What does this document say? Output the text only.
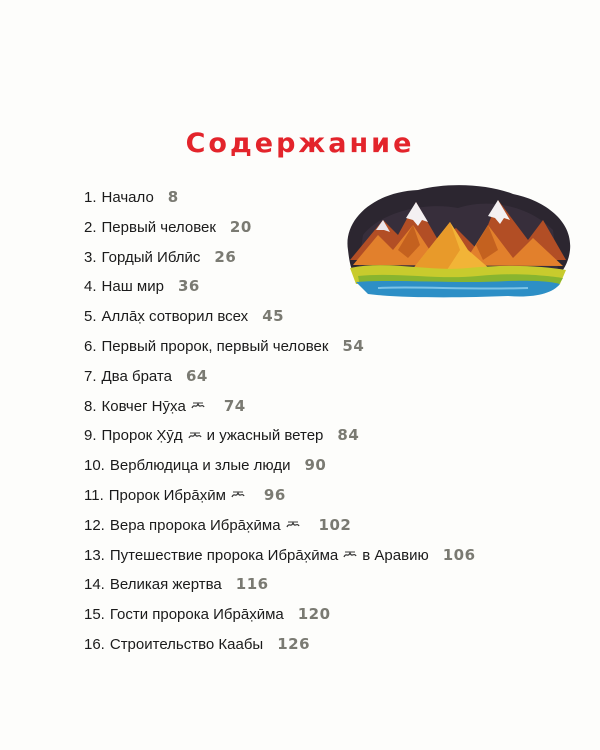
Содержание
1. Начало 8
2. Первый человек 20
3. Гордый Иблӣс 26
4. Наш мир 36
5. Аллāх̣ сотворил всех 45
6. Первый пророк, первый человек 54
7. Два брата 64
8. Ковчег Нӯх̣а	74
9. Пророк Х̣ӯд и ужасный ветер 84
10. Верблюдица и злые люди 90
11. Пророк Ибрāх̣ӣм	96
12. Вера пророка Ибрāх̣ӣма	102
13. Путешествие пророка Ибрāх̣ӣма в Аравию 106
14. Великая жертва 116
15. Гости пророка Ибрāх̣ӣма 120
16. Строительство Каабы 126
